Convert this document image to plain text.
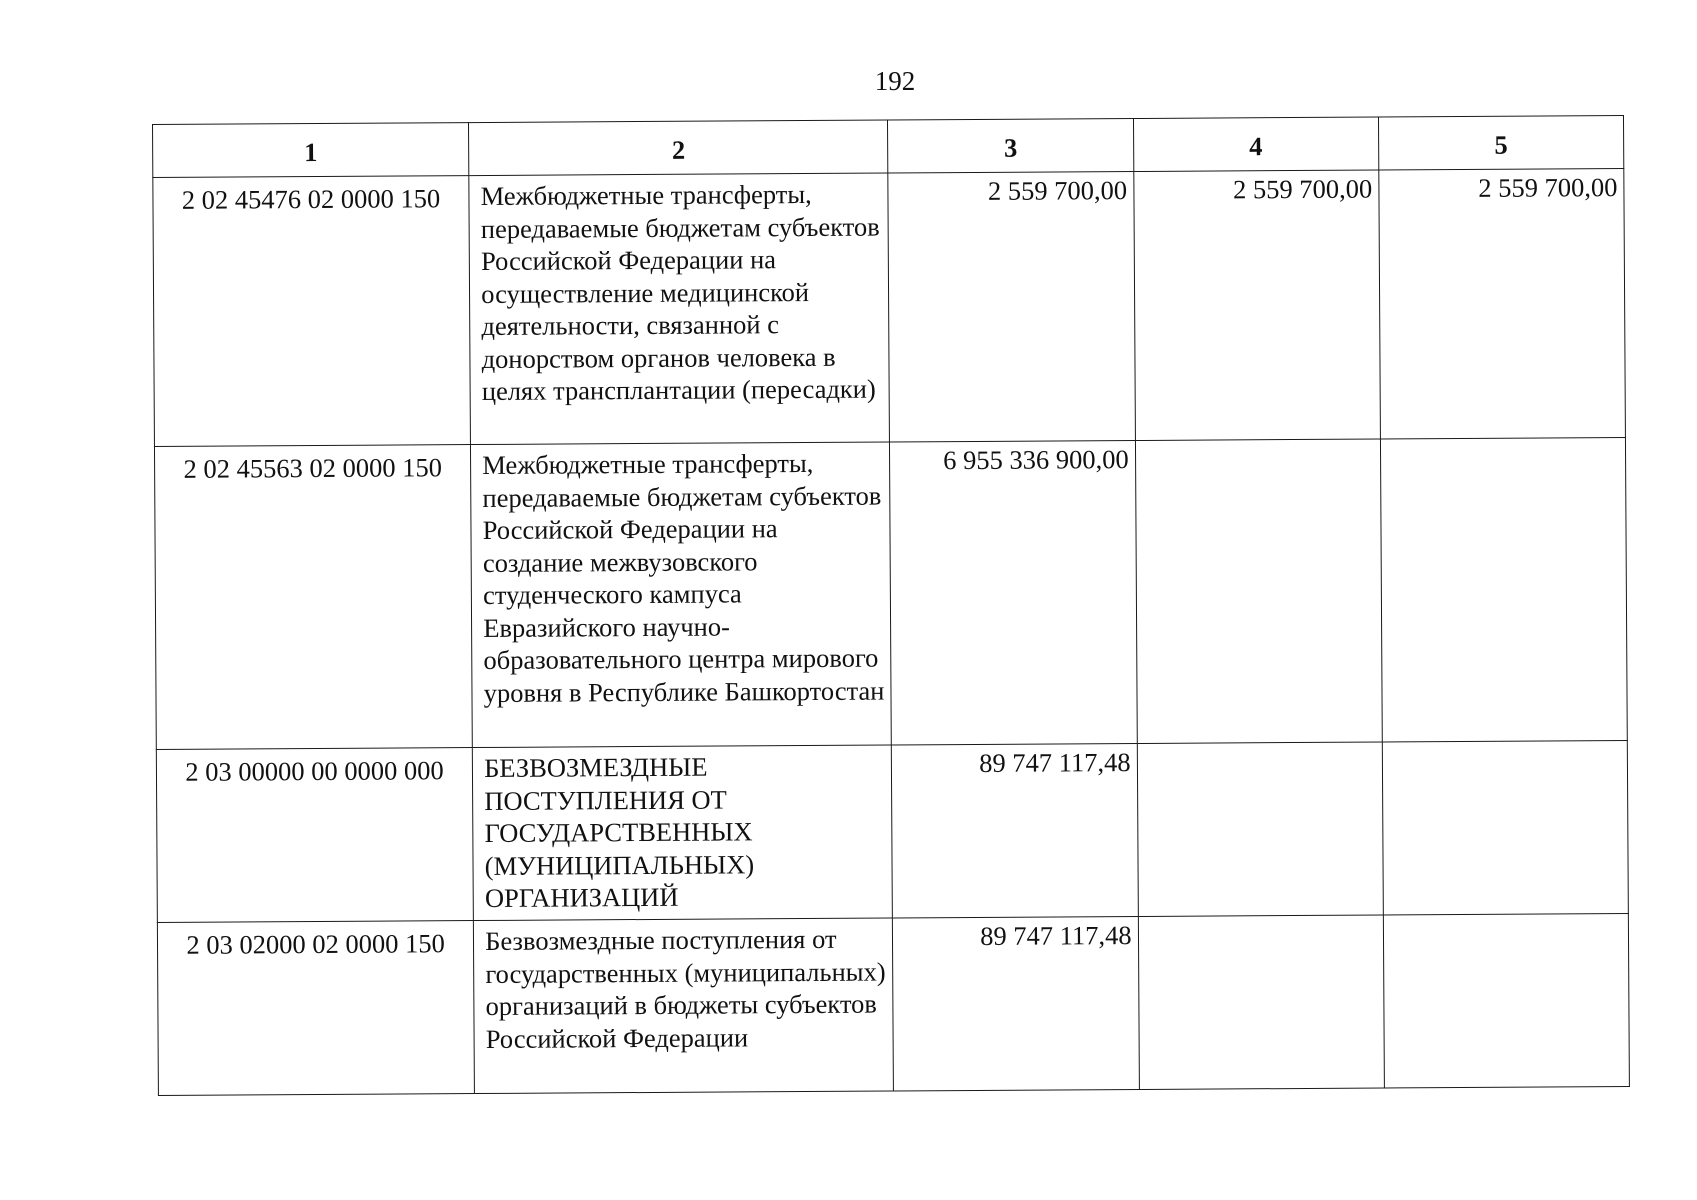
192
1	2	3	4	5
2 02 45476 02 0000 150	Межбюджетные трансферты, передаваемые бюджетам субъектов Российской Федерации на осуществление медицинской деятельности, связанной с донорством органов человека в целях трансплантации (пересадки)	2 559 700,00	2 559 700,00	2 559 700,00
2 02 45563 02 0000 150	Межбюджетные трансферты, передаваемые бюджетам субъектов Российской Федерации на создание межвузовского студенческого кампуса Евразийского научно-образовательного центра мирового уровня в Республике Башкортостан	6 955 336 900,00		
2 03 00000 00 0000 000	БЕЗВОЗМЕЗДНЫЕ ПОСТУПЛЕНИЯ ОТ ГОСУДАРСТВЕННЫХ (МУНИЦИПАЛЬНЫХ) ОРГАНИЗАЦИЙ	89 747 117,48		
2 03 02000 02 0000 150	Безвозмездные поступления от государственных (муниципальных) организаций в бюджеты субъектов Российской Федерации	89 747 117,48		
